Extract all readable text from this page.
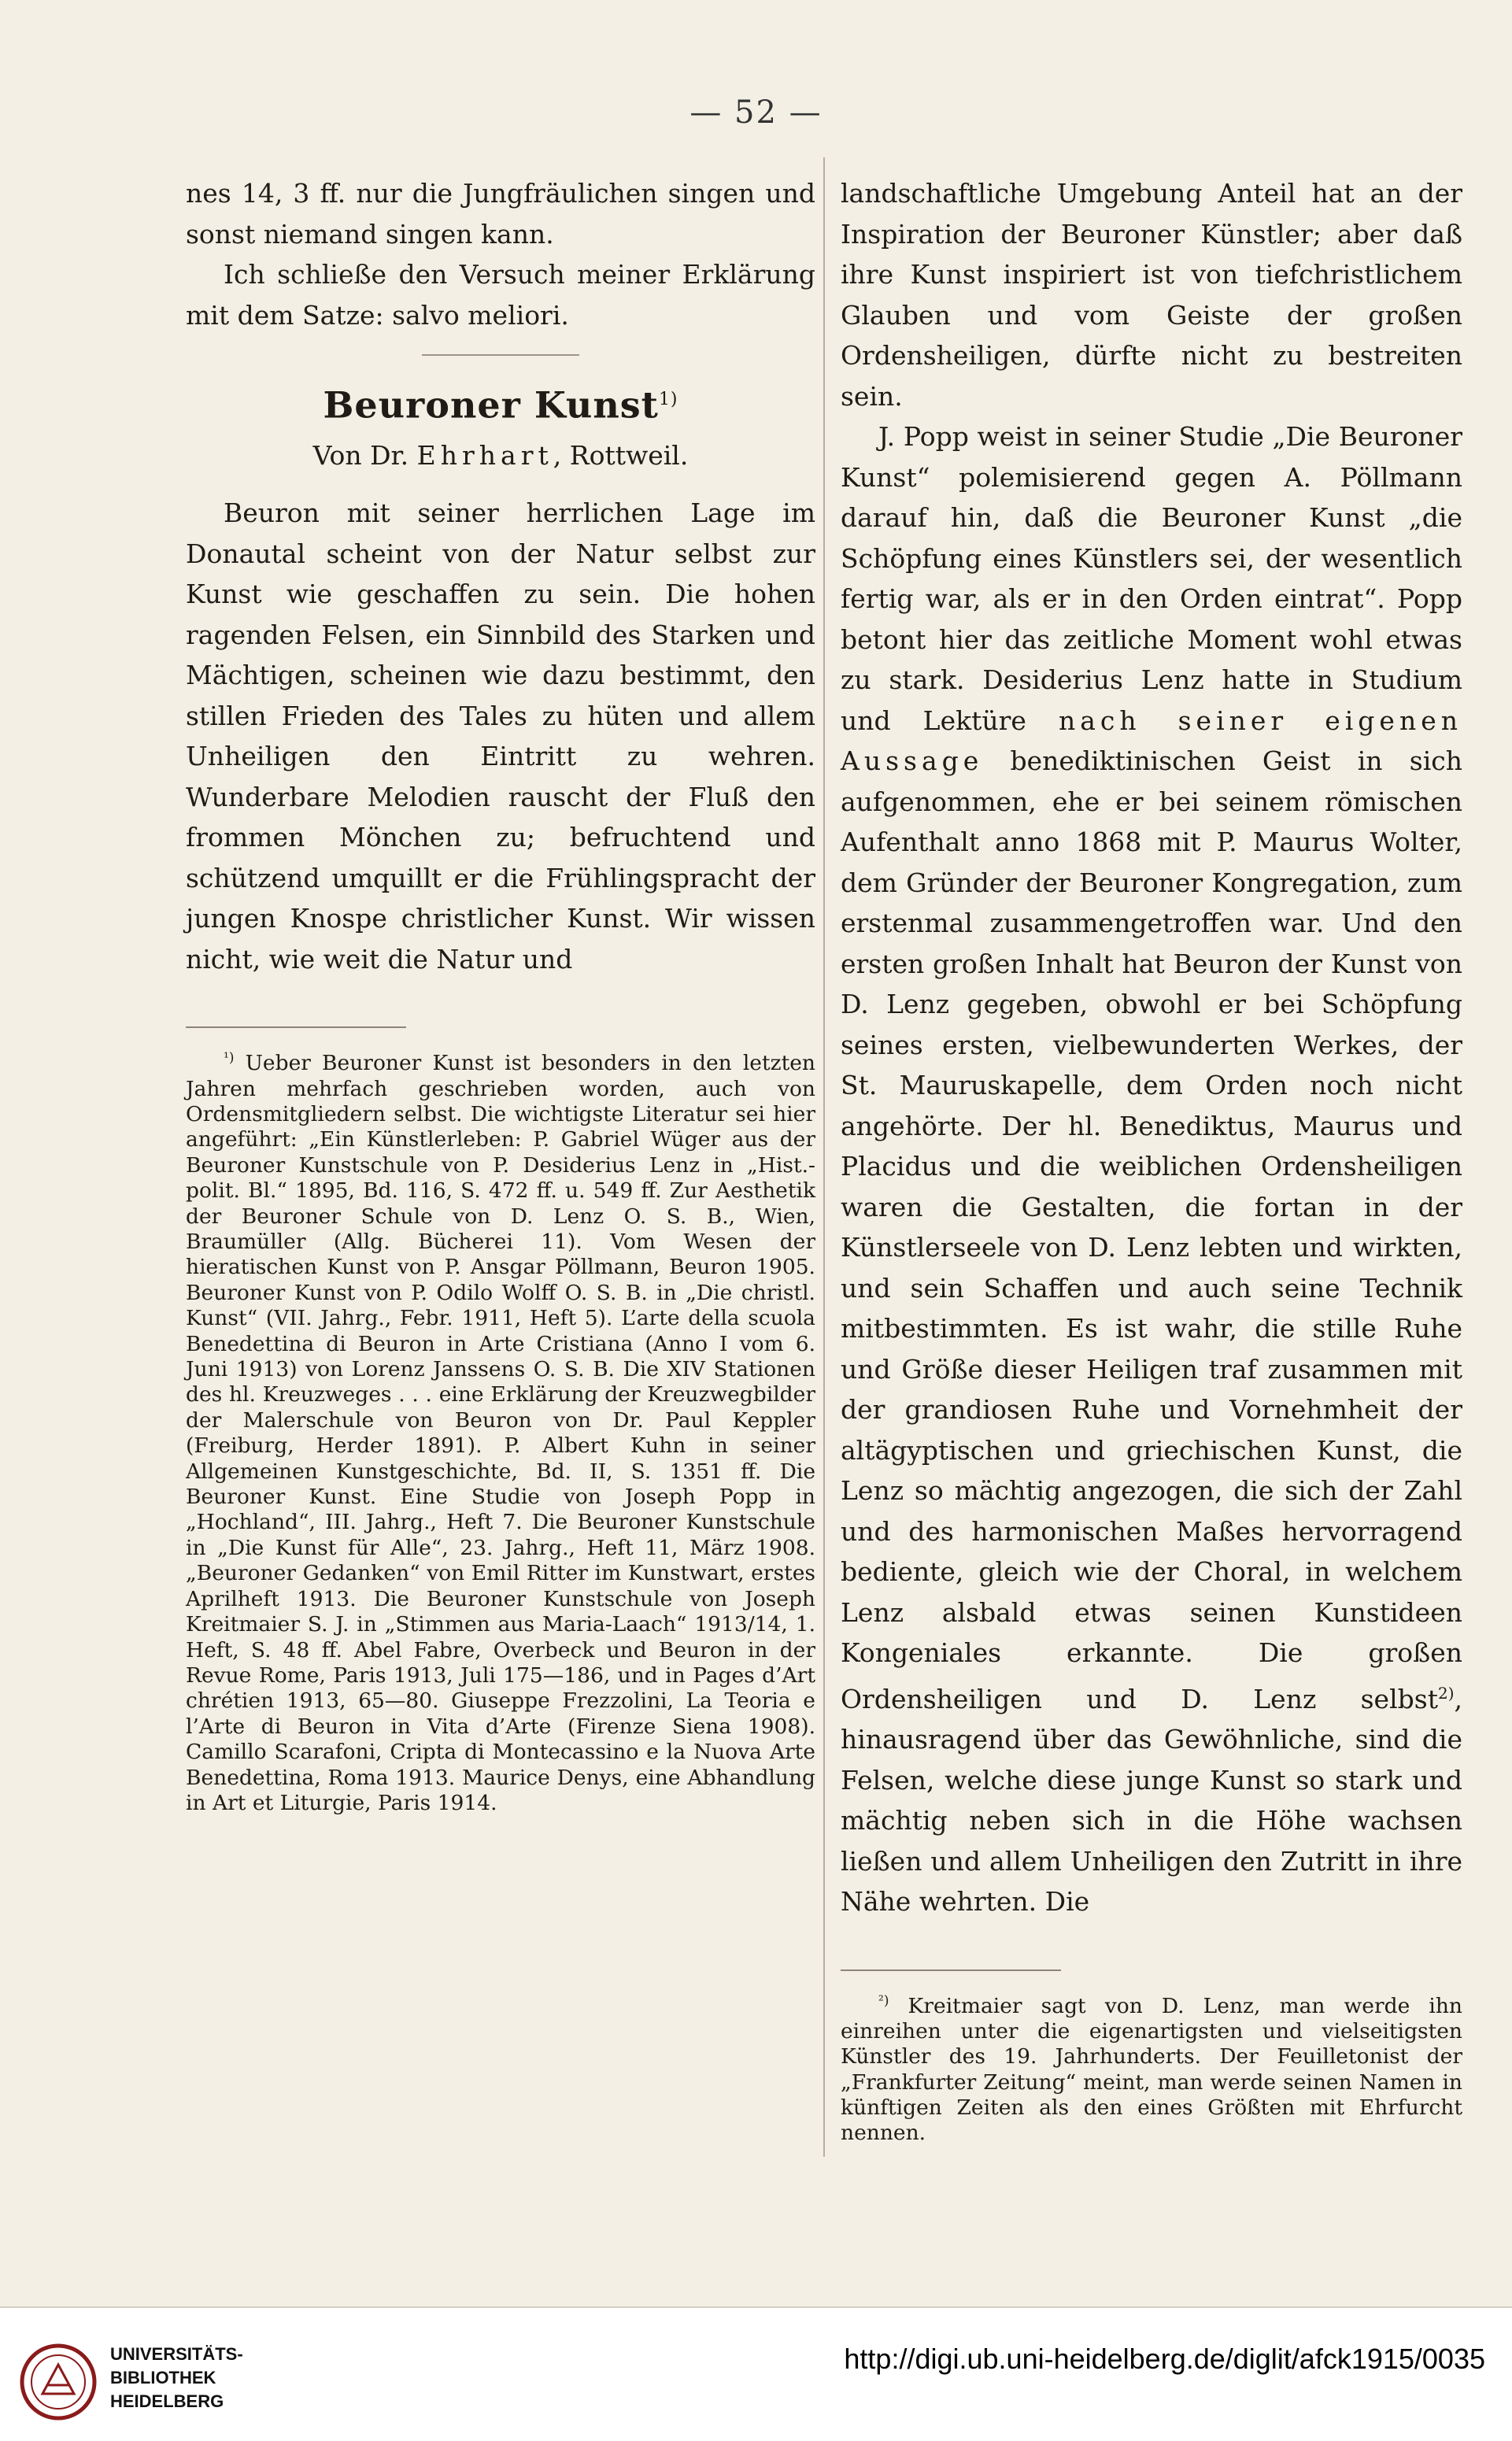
— 52 —

nes 14, 3 ff. nur die Jungfräulichen singen und sonst niemand singen kann.

Ich schließe den Versuch meiner Erklärung mit dem Satze: salvo meliori.

Beuroner Kunst$^{1)}$
Von Dr. Ehrhart, Rottweil.

Beuron mit seiner herrlichen Lage im Donautal scheint von der Natur selbst zur Kunst wie geschaffen zu sein. Die hohen ragenden Felsen, ein Sinnbild des Starken und Mächtigen, scheinen wie dazu bestimmt, den stillen Frieden des Tales zu hüten und allem Unheiligen den Eintritt zu wehren. Wunderbare Melodien rauscht der Fluß den frommen Mönchen zu; befruchtend und schützend umquillt er die Frühlingspracht der jungen Knospe christlicher Kunst. Wir wissen nicht, wie weit die Natur und

$^{^1)}$ Ueber Beuroner Kunst ist besonders in den letzten Jahren mehrfach geschrieben worden, auch von Ordensmitgliedern selbst. Die wichtigste Literatur sei hier angeführt: „Ein Künstlerleben: P. Gabriel Wüger aus der Beuroner Kunstschule von P. Desiderius Lenz in „Hist.-polit. Bl.“ 1895, Bd. 116, S. 472 ff. u. 549 ff. Zur Aesthetik der Beuroner Schule von D. Lenz O. S. B., Wien, Braumüller (Allg. Bücherei 11). Vom Wesen der hieratischen Kunst von P. Ansgar Pöllmann, Beuron 1905. Beuroner Kunst von P. Odilo Wolff O. S. B. in „Die christl. Kunst“ (VII. Jahrg., Febr. 1911, Heft 5). L’arte della scuola Benedettina di Beuron in Arte Cristiana (Anno I vom 6. Juni 1913) von Lorenz Janssens O. S. B. Die XIV Stationen des hl. Kreuzweges . . . eine Erklärung der Kreuzwegbilder der Malerschule von Beuron von Dr. Paul Keppler (Freiburg, Herder 1891). P. Albert Kuhn in seiner Allgemeinen Kunstgeschichte, Bd. II, S. 1351 ff. Die Beuroner Kunst. Eine Studie von Joseph Popp in „Hochland“, III. Jahrg., Heft 7. Die Beuroner Kunstschule in „Die Kunst für Alle“, 23. Jahrg., Heft 11, März 1908. „Beuroner Gedanken“ von Emil Ritter im Kunstwart, erstes Aprilheft 1913. Die Beuroner Kunstschule von Joseph Kreitmaier S. J. in „Stimmen aus Maria-Laach“ 1913/14, 1. Heft, S. 48 ff. Abel Fabre, Overbeck und Beuron in der Revue Rome, Paris 1913, Juli 175—186, und in Pages d’Art chrétien 1913, 65—80. Giuseppe Frezzolini, La Teoria e l’Arte di Beuron in Vita d’Arte (Firenze Siena 1908). Camillo Scarafoni, Cripta di Montecassino e la Nuova Arte Benedettina, Roma 1913. Maurice Denys, eine Abhandlung in Art et Liturgie, Paris 1914.

landschaftliche Umgebung Anteil hat an der Inspiration der Beuroner Künstler; aber daß ihre Kunst inspiriert ist von tiefchristlichem Glauben und vom Geiste der großen Ordensheiligen, dürfte nicht zu bestreiten sein.

J. Popp weist in seiner Studie „Die Beuroner Kunst“ polemisierend gegen A. Pöllmann darauf hin, daß die Beuroner Kunst „die Schöpfung eines Künstlers sei, der wesentlich fertig war, als er in den Orden eintrat“. Popp betont hier das zeitliche Moment wohl etwas zu stark. Desiderius Lenz hatte in Studium und Lektüre nach seiner eigenen Aussage benediktinischen Geist in sich aufgenommen, ehe er bei seinem römischen Aufenthalt anno 1868 mit P. Maurus Wolter, dem Gründer der Beuroner Kongregation, zum erstenmal zusammengetroffen war. Und den ersten großen Inhalt hat Beuron der Kunst von D. Lenz gegeben, obwohl er bei Schöpfung seines ersten, vielbewunderten Werkes, der St. Mauruskapelle, dem Orden noch nicht angehörte. Der hl. Benediktus, Maurus und Placidus und die weiblichen Ordensheiligen waren die Gestalten, die fortan in der Künstlerseele von D. Lenz lebten und wirkten, und sein Schaffen und auch seine Technik mitbestimmten. Es ist wahr, die stille Ruhe und Größe dieser Heiligen traf zusammen mit der grandiosen Ruhe und Vornehmheit der altägyptischen und griechischen Kunst, die Lenz so mächtig angezogen, die sich der Zahl und des harmonischen Maßes hervorragend bediente, gleich wie der Choral, in welchem Lenz alsbald etwas seinen Kunstideen Kongeniales erkannte. Die großen Ordensheiligen und D. Lenz selbst$^{2)}$, hinausragend über das Gewöhnliche, sind die Felsen, welche diese junge Kunst so stark und mächtig neben sich in die Höhe wachsen ließen und allem Unheiligen den Zutritt in ihre Nähe wehrten. Die

$^{^2)}$ Kreitmaier sagt von D. Lenz, man werde ihn einreihen unter die eigenartigsten und vielseitigsten Künstler des 19. Jahrhunderts. Der Feuilletonist der „Frankfurter Zeitung“ meint, man werde seinen Namen in künftigen Zeiten als den eines Größten mit Ehrfurcht nennen.

UNIVERSITÄTS-
BIBLIOTHEK
HEIDELBERG
http://digi.ub.uni-heidelberg.de/diglit/afck1915/0035
